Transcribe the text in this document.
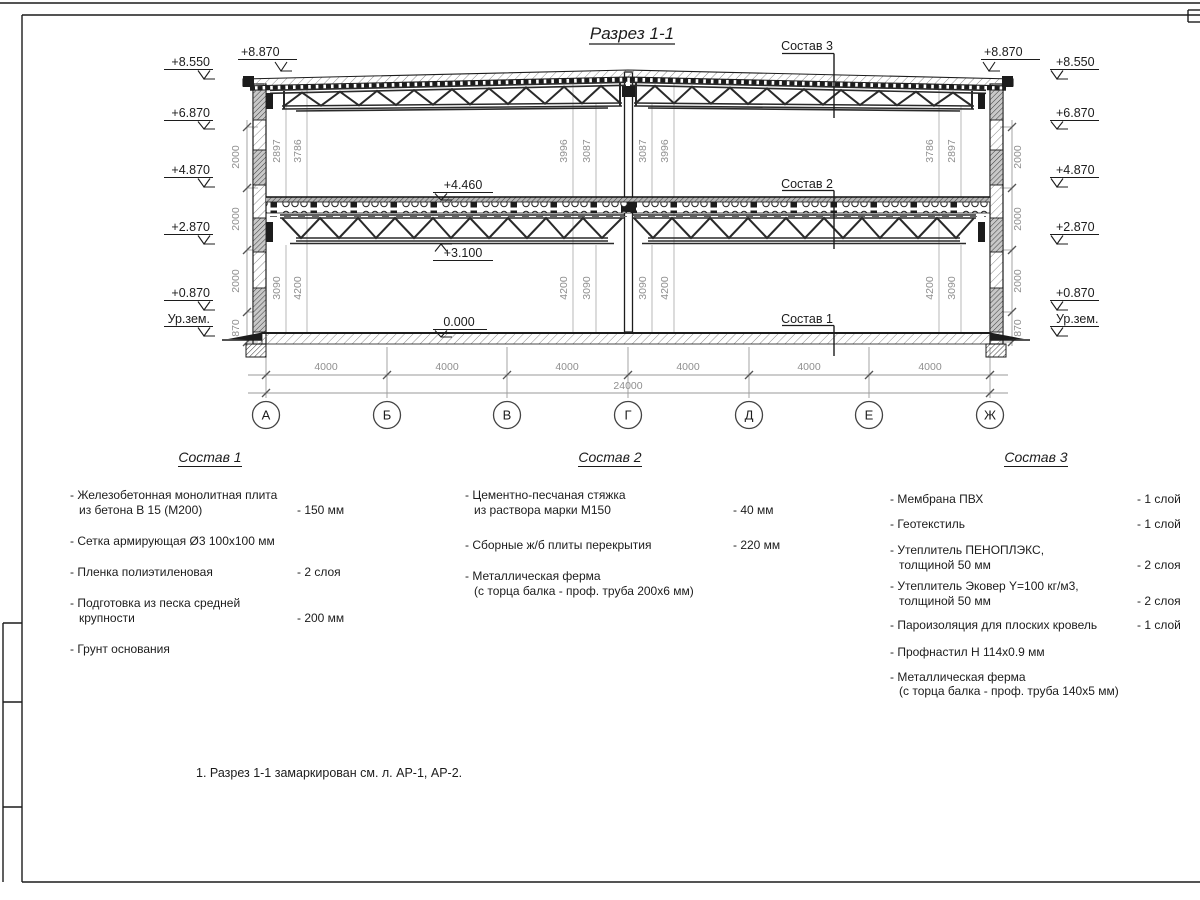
4000	4000	4000	4000	4000	4000
24000
А	Б	В	Г	Д	Е	Ж
2000
2000
2000
870
2000
2000
2000
870
2897 3786	3996 3087	3087 3996	3786 2897
3090 4200	4200 3090	3090 4200	4200 3090
+8.550
+6.870
+4.870
+2.870
+0.870
Ур.зем.
+8.550
+6.870
+4.870
+2.870
+0.870
Ур.зем.
+8.870	+8.870
+4.460
+3.100
0.000
Состав 3
Состав 2
Состав 1
Разрез 1-1
Состав 1
- Железобетонная монолитная плита
из бетона В 15 (М200)	- 150 мм
- Сетка армирующая Ø3 100х100 мм
- Пленка полиэтиленовая	- 2 слоя
- Подготовка из песка средней
крупности	- 200 мм
- Грунт основания
Состав 2
- Цементно-песчаная стяжка
из раствора марки М150	- 40 мм
- Сборные ж/б плиты перекрытия	- 220 мм
- Металлическая ферма
(с торца балка - проф. труба 200х6 мм)
Состав 3
- Мембрана ПВХ	- 1 слой
- Геотекстиль	- 1 слой
- Утеплитель ПЕНОПЛЭКС,
толщиной 50 мм	- 2 слоя
- Утеплитель Эковер Y=100 кг/м3,
толщиной 50 мм	- 2 слоя
- Пароизоляция для плоских кровель	- 1 слой
- Профнастил Н 114х0.9 мм
- Металлическая ферма
(с торца балка - проф. труба 140х5 мм)
1. Разрез 1-1 замаркирован см. л. АР-1, АР-2.
